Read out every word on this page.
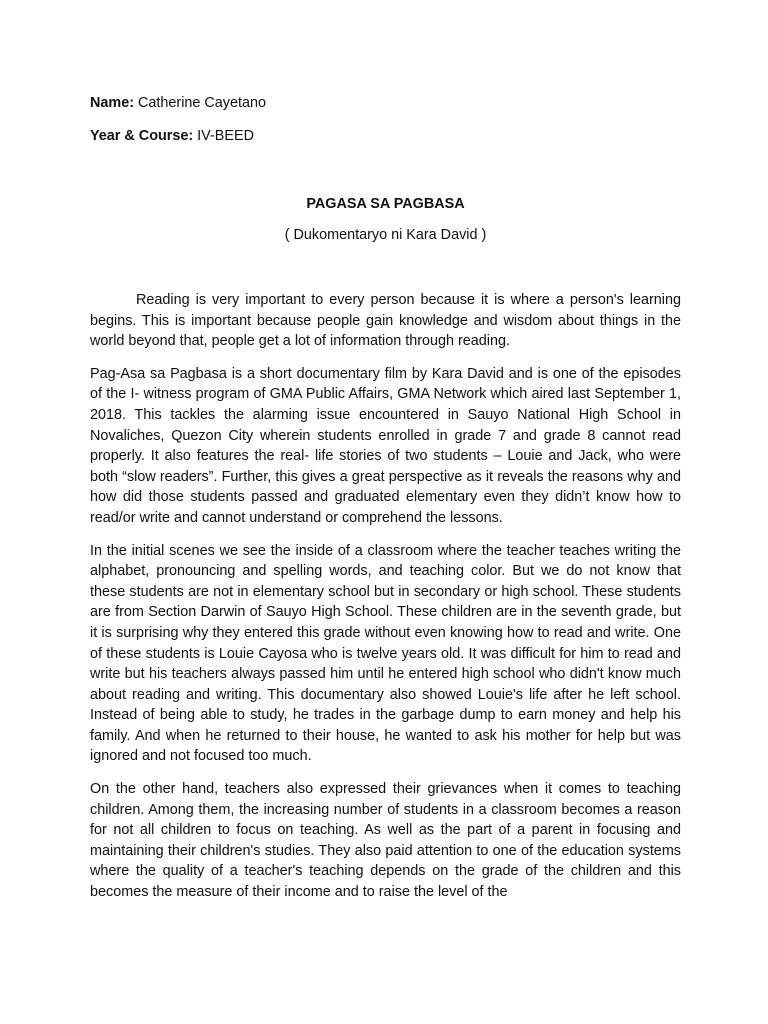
Name: Catherine Cayetano

Year & Course: IV-BEED

PAGASA SA PAGBASA
( Dukomentaryo ni Kara David )

Reading is very important to every person because it is where a person's learning begins. This is important because people gain knowledge and wisdom about things in the world beyond that, people get a lot of information through reading.

Pag-Asa sa Pagbasa is a short documentary film by Kara David and is one of the episodes of the I- witness program of GMA Public Affairs, GMA Network which aired last September 1, 2018. This tackles the alarming issue encountered in Sauyo National High School in Novaliches, Quezon City wherein students enrolled in grade 7 and grade 8 cannot read properly. It also features the real- life stories of two students – Louie and Jack, who were both “slow readers”. Further, this gives a great perspective as it reveals the reasons why and how did those students passed and graduated elementary even they didn’t know how to read/or write and cannot understand or comprehend the lessons.

In the initial scenes we see the inside of a classroom where the teacher teaches writing the alphabet, pronouncing and spelling words, and teaching color. But we do not know that these students are not in elementary school but in secondary or high school. These students are from Section Darwin of Sauyo High School. These children are in the seventh grade, but it is surprising why they entered this grade without even knowing how to read and write. One of these students is Louie Cayosa who is twelve years old. It was difficult for him to read and write but his teachers always passed him until he entered high school who didn't know much about reading and writing. This documentary also showed Louie's life after he left school. Instead of being able to study, he trades in the garbage dump to earn money and help his family. And when he returned to their house, he wanted to ask his mother for help but was ignored and not focused too much.

On the other hand, teachers also expressed their grievances when it comes to teaching children. Among them, the increasing number of students in a classroom becomes a reason for not all children to focus on teaching. As well as the part of a parent in focusing and maintaining their children's studies. They also paid attention to one of the education systems where the quality of a teacher's teaching depends on the grade of the children and this becomes the measure of their income and to raise the level of the
